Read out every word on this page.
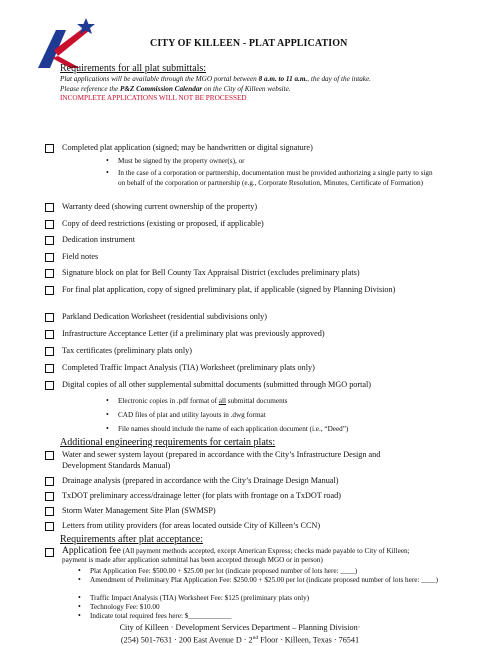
CITY OF KILLEEN - PLAT APPLICATION
Requirements for all plat submittals:
Plat applications will be available through the MGO portal between 8 a.m. to 11 a.m., the day of the intake.
Please reference the P&Z Commission Calendar on the City of Killeen website.
INCOMPLETE APPLICATIONS WILL NOT BE PROCESSED
Completed plat application (signed; may be handwritten or digital signature)
• Must be signed by the property owner(s), or
• In the case of a corporation or partnership, documentation must be provided authorizing a single party to sign on behalf of the corporation or partnership (e.g., Corporate Resolution, Minutes, Certificate of Formation)
Warranty deed (showing current ownership of the property)
Copy of deed restrictions (existing or proposed, if applicable)
Dedication instrument
Field notes
Signature block on plat for Bell County Tax Appraisal District (excludes preliminary plats)
For final plat application, copy of signed preliminary plat, if applicable (signed by Planning Division)
Parkland Dedication Worksheet (residential subdivisions only)
Infrastructure Acceptance Letter (if a preliminary plat was previously approved)
Tax certificates (preliminary plats only)
Completed Traffic Impact Analysis (TIA) Worksheet (preliminary plats only)
Digital copies of all other supplemental submittal documents (submitted through MGO portal)
• Electronic copies in .pdf format of all submittal documents
• CAD files of plat and utility layouts in .dwg format
• File names should include the name of each application document (i.e., “Deed”)
Additional engineering requirements for certain plats:
Water and sewer system layout (prepared in accordance with the City’s Infrastructure Design and Development Standards Manual)
Drainage analysis (prepared in accordance with the City’s Drainage Design Manual)
TxDOT preliminary access/drainage letter (for plats with frontage on a TxDOT road)
Storm Water Management Site Plan (SWMSP)
Letters from utility providers (for areas located outside City of Killeen’s CCN)
Requirements after plat acceptance:
Application fee (All payment methods accepted, except American Express; checks made payable to City of Killeen; payment is made after application submittal has been accepted through MGO or in person)
• Plat Application Fee: $500.00 + $25.00 per lot (indicate proposed number of lots here: ____)
• Amendment of Preliminary Plat Application Fee: $250.00 + $25.00 per lot (indicate proposed number of lots here: ____)
• Traffic Impact Analysis (TIA) Worksheet Fee: $125 (preliminary plats only)
• Technology Fee: $10.00
• Indicate total required fees here: $____________
City of Killeen · Development Services Department – Planning Division·
(254) 501-7631 · 200 East Avenue D · 2nd Floor · Killeen, Texas · 76541
